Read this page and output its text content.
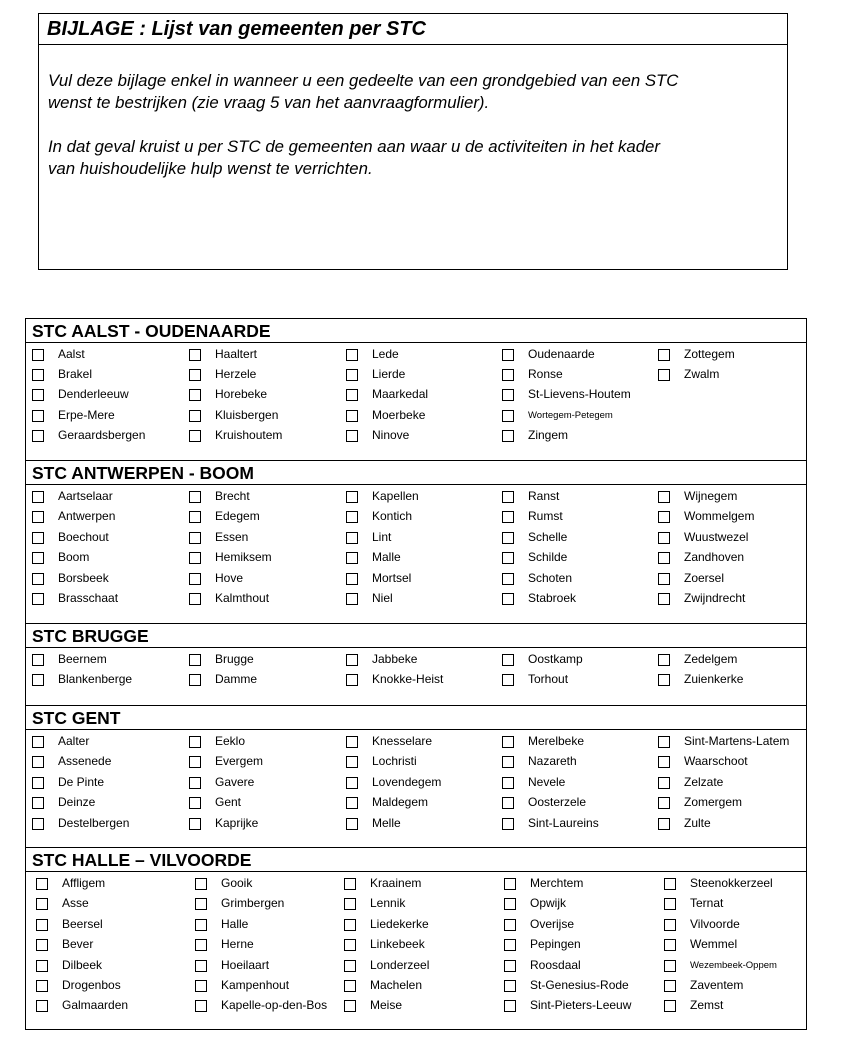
BIJLAGE : Lijst van gemeenten per STC
Vul deze bijlage enkel in wanneer u een gedeelte van een grondgebied van een STC
wenst te bestrijken (zie vraag 5 van het aanvraagformulier).
In dat geval kruist u per STC de gemeenten aan waar u de activiteiten in het kader
van huishoudelijke hulp wenst te verrichten.
STC AALST - OUDENAARDE
Aalst
Brakel
Denderleeuw
Erpe-Mere
Geraardsbergen
Haaltert
Herzele
Horebeke
Kluisbergen
Kruishoutem
Lede
Lierde
Maarkedal
Moerbeke
Ninove
Oudenaarde
Ronse
St-Lievens-Houtem
Wortegem-Petegem
Zingem
Zottegem
Zwalm
STC ANTWERPEN - BOOM
Aartselaar
Antwerpen
Boechout
Boom
Borsbeek
Brasschaat
Brecht
Edegem
Essen
Hemiksem
Hove
Kalmthout
Kapellen
Kontich
Lint
Malle
Mortsel
Niel
Ranst
Rumst
Schelle
Schilde
Schoten
Stabroek
Wijnegem
Wommelgem
Wuustwezel
Zandhoven
Zoersel
Zwijndrecht
STC BRUGGE
Beernem
Blankenberge
Brugge
Damme
Jabbeke
Knokke-Heist
Oostkamp
Torhout
Zedelgem
Zuienkerke
STC GENT
Aalter
Assenede
De Pinte
Deinze
Destelbergen
Eeklo
Evergem
Gavere
Gent
Kaprijke
Knesselare
Lochristi
Lovendegem
Maldegem
Melle
Merelbeke
Nazareth
Nevele
Oosterzele
Sint-Laureins
Sint-Martens-Latem
Waarschoot
Zelzate
Zomergem
Zulte
STC HALLE – VILVOORDE
Affligem
Asse
Beersel
Bever
Dilbeek
Drogenbos
Galmaarden
Gooik
Grimbergen
Halle
Herne
Hoeilaart
Kampenhout
Kapelle-op-den-Bos
Kraainem
Lennik
Liedekerke
Linkebeek
Londerzeel
Machelen
Meise
Merchtem
Opwijk
Overijse
Pepingen
Roosdaal
St-Genesius-Rode
Sint-Pieters-Leeuw
Steenokkerzeel
Ternat
Vilvoorde
Wemmel
Wezembeek-Oppem
Zaventem
Zemst
